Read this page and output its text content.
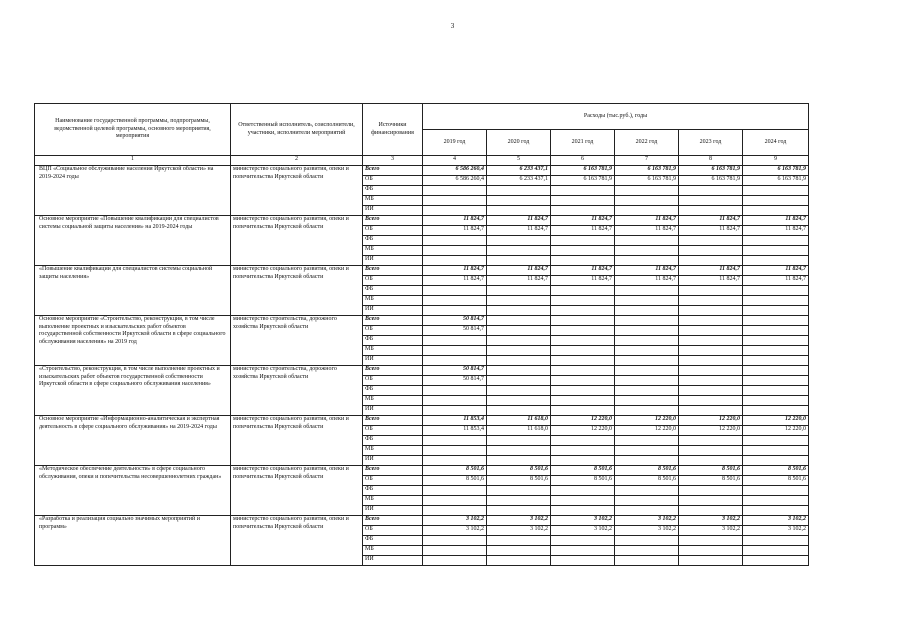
3
Наименование государственной программы, подпрограммы, ведомственной целевой программы, основного мероприятия, мероприятия	Ответственный исполнитель, соисполнители, участники, исполнители мероприятий	Источники финансирования	Расходы (тыс.руб.), годы					
			2019 год	2020 год	2021 год	2022 год	2023 год	2024 год
1	2	3	4	5	6	7	8	9
ВЦП «Социальное обслуживание населения Иркутской области» на 2019-2024 годы	министерство социального развития, опеки и попечительства Иркутской области	Всего	6 586 260,4	6 233 437,1	6 163 781,9	6 163 781,9	6 163 781,9	6 163 781,9
		ОБ	6 586 260,4	6 233 437,1	6 163 781,9	6 163 781,9	6 163 781,9	6 163 781,9
		ФБ						
		МБ						
		ИИ						
Основное мероприятие «Повышение квалификации для специалистов системы социальной защиты населения» на 2019-2024 годы	министерство социального развития, опеки и попечительства Иркутской области	Всего	11 824,7	11 824,7	11 824,7	11 824,7	11 824,7	11 824,7
		ОБ	11 824,7	11 824,7	11 824,7	11 824,7	11 824,7	11 824,7
		ФБ						
		МБ						
		ИИ						
«Повышение квалификации для специалистов системы социальной защиты населения»	министерство социального развития, опеки и попечительства Иркутской области	Всего	11 824,7	11 824,7	11 824,7	11 824,7	11 824,7	11 824,7
		ОБ	11 824,7	11 824,7	11 824,7	11 824,7	11 824,7	11 824,7
		ФБ						
		МБ						
		ИИ						
Основное мероприятие «Строительство, реконструкция, в том числе выполнение проектных и изыскательских работ объектов государственной собственности Иркутской области в сфере социального обслуживания населения» на 2019 год	министерство строительства, дорожного хозяйства Иркутской области	Всего	50 814,7					
		ОБ	50 814,7					
		ФБ						
		МБ						
		ИИ						
«Строительство, реконструкция, в том числе выполнение проектных и изыскательских работ объектов государственной собственности Иркутской области в сфере социального обслуживания населения»	министерство строительства, дорожного хозяйства Иркутской области	Всего	50 814,7					
		ОБ	50 814,7					
		ФБ						
		МБ						
		ИИ						
Основное мероприятие «Информационно-аналитическая и экспертная деятельность в сфере социального обслуживания» на 2019-2024 годы	министерство социального развития, опеки и попечительства Иркутской области	Всего	11 853,4	11 618,0	12 220,0	12 220,0	12 220,0	12 220,0
		ОБ	11 853,4	11 618,0	12 220,0	12 220,0	12 220,0	12 220,0
		ФБ						
		МБ						
		ИИ						
«Методическое обеспечение деятельности» в сфере социального обслуживания, опеки и попечительства несовершеннолетних граждан»	министерство социального развития, опеки и попечительства Иркутской области	Всего	8 501,6	8 501,6	8 501,6	8 501,6	8 501,6	8 501,6
		ОБ	8 501,6	8 501,6	8 501,6	8 501,6	8 501,6	8 501,6
		ФБ						
		МБ						
		ИИ						
«Разработка и реализация социально значимых мероприятий и программ»	министерство социального развития, опеки и попечительства Иркутской области	Всего	3 102,2	3 102,2	3 102,2	3 102,2	3 102,2	3 102,2
		ОБ	3 102,2	3 102,2	3 102,2	3 102,2	3 102,2	3 102,2
		ФБ						
		МБ						
		ИИ						
